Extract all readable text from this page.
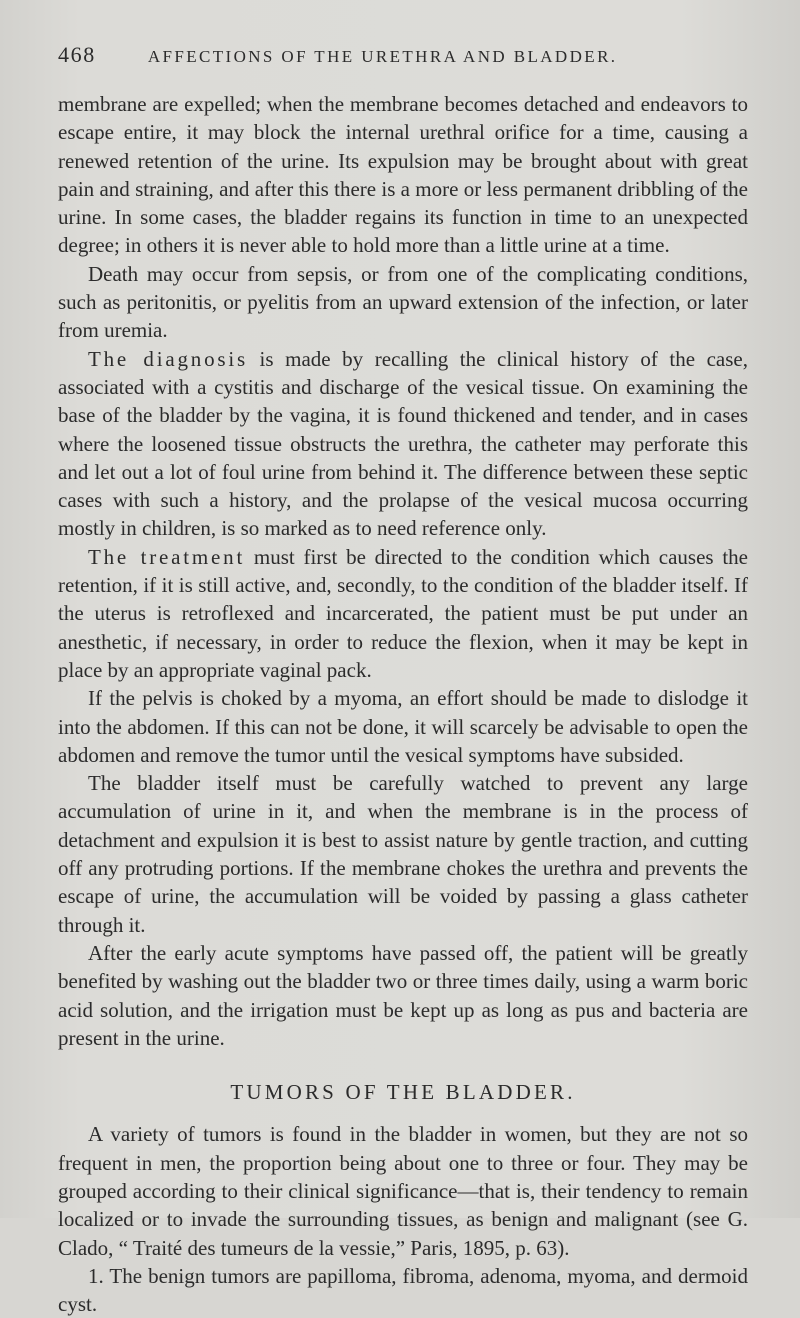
468	AFFECTIONS OF THE URETHRA AND BLADDER.

membrane are expelled; when the membrane becomes detached and endeavors to escape entire, it may block the internal urethral orifice for a time, causing a renewed retention of the urine. Its expulsion may be brought about with great pain and straining, and after this there is a more or less permanent dribbling of the urine. In some cases, the bladder regains its function in time to an unexpected degree; in others it is never able to hold more than a little urine at a time.

Death may occur from sepsis, or from one of the complicating conditions, such as peritonitis, or pyelitis from an upward extension of the infection, or later from uremia.

The diagnosis is made by recalling the clinical history of the case, associated with a cystitis and discharge of the vesical tissue. On examining the base of the bladder by the vagina, it is found thickened and tender, and in cases where the loosened tissue obstructs the urethra, the catheter may perforate this and let out a lot of foul urine from behind it. The difference between these septic cases with such a history, and the prolapse of the vesical mucosa occurring mostly in children, is so marked as to need reference only.

The treatment must first be directed to the condition which causes the retention, if it is still active, and, secondly, to the condition of the bladder itself. If the uterus is retroflexed and incarcerated, the patient must be put under an anesthetic, if necessary, in order to reduce the flexion, when it may be kept in place by an appropriate vaginal pack.

If the pelvis is choked by a myoma, an effort should be made to dislodge it into the abdomen. If this can not be done, it will scarcely be advisable to open the abdomen and remove the tumor until the vesical symptoms have subsided.

The bladder itself must be carefully watched to prevent any large accumulation of urine in it, and when the membrane is in the process of detachment and expulsion it is best to assist nature by gentle traction, and cutting off any protruding portions. If the membrane chokes the urethra and prevents the escape of urine, the accumulation will be voided by passing a glass catheter through it.

After the early acute symptoms have passed off, the patient will be greatly benefited by washing out the bladder two or three times daily, using a warm boric acid solution, and the irrigation must be kept up as long as pus and bacteria are present in the urine.

TUMORS OF THE BLADDER.

A variety of tumors is found in the bladder in women, but they are not so frequent in men, the proportion being about one to three or four. They may be grouped according to their clinical significance—that is, their tendency to remain localized or to invade the surrounding tissues, as benign and malignant (see G. Clado, “ Traité des tumeurs de la vessie,” Paris, 1895, p. 63).

1. The benign tumors are papilloma, fibroma, adenoma, myoma, and dermoid cyst.
